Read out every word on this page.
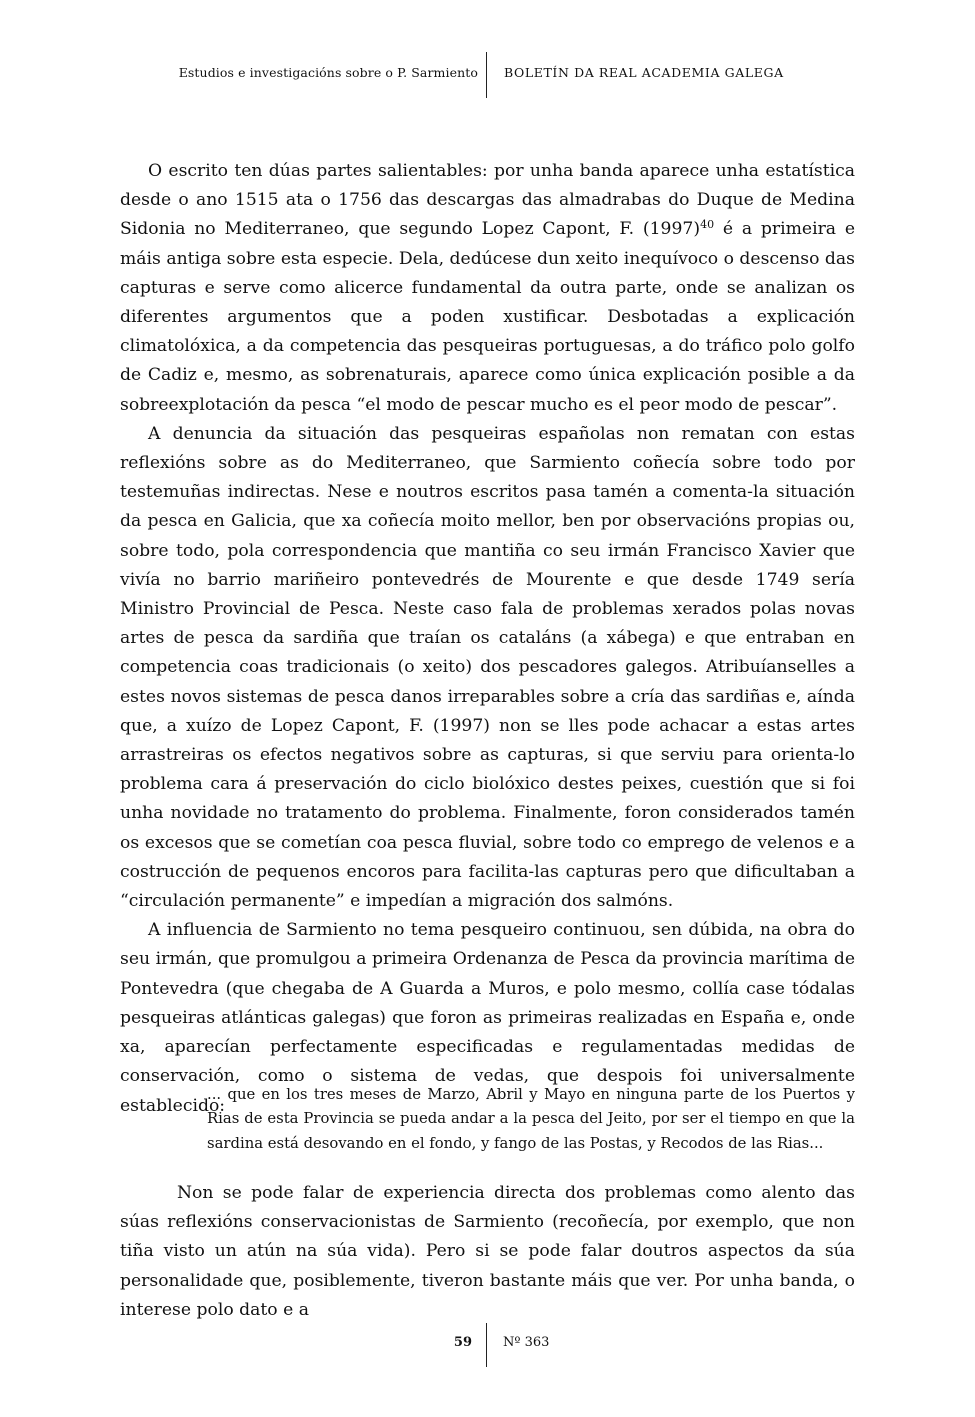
Estudios e investigacións sobre o P. Sarmiento BOLETÍN DA REAL ACADEMIA GALEGA

O escrito ten dúas partes salientables: por unha banda aparece unha estatística desde o ano 1515 ata o 1756 das descargas das almadrabas do Duque de Medina Sidonia no Mediterraneo, que segundo Lopez Capont, F. $(1997)^{40}$ é a primeira e máis antiga sobre esta especie. Dela, dedúcese dun xeito inequívoco o descenso das capturas e serve como alicerce fundamental da outra parte, onde se analizan os diferentes argumentos que a poden xustificar. Desbotadas a explicación climatolóxica, a da competencia das pesqueiras portuguesas, a do tráfico polo golfo de Cadiz e, mesmo, as sobrenaturais, aparece como única explicación posible a da sobreexplotación da pesca “el modo de pescar mucho es el peor modo de pescar”.

A denuncia da situación das pesqueiras españolas non rematan con estas reflexións sobre as do Mediterraneo, que Sarmiento coñecía sobre todo por testemuñas indirectas. Nese e noutros escritos pasa tamén a comenta-la situación da pesca en Galicia, que xa coñecía moito mellor, ben por observacións propias ou, sobre todo, pola correspondencia que mantiña co seu irmán Francisco Xavier que vivía no barrio mariñeiro pontevedrés de Mourente e que desde 1749 sería Ministro Provincial de Pesca. Neste caso fala de problemas xerados polas novas artes de pesca da sardiña que traían os cataláns (a xábega) e que entraban en competencia coas tradicionais (o xeito) dos pescadores galegos. Atribuíanselles a estes novos sistemas de pesca danos irreparables sobre a cría das sardiñas e, aínda que, a xuízo de Lopez Capont, F. (1997) non se lles pode achacar a estas artes arrastreiras os efectos negativos sobre as capturas, si que serviu para orienta-lo problema cara á preservación do ciclo biolóxico destes peixes, cuestión que si foi unha novidade no tratamento do problema. Finalmente, foron considerados tamén os excesos que se cometían coa pesca fluvial, sobre todo co emprego de velenos e a costrucción de pequenos encoros para facilita-las capturas pero que dificultaban a “circulación permanente” e impedían a migración dos salmóns.

A influencia de Sarmiento no tema pesqueiro continuou, sen dúbida, na obra do seu irmán, que promulgou a primeira Ordenanza de Pesca da provincia marítima de Pontevedra (que chegaba de A Guarda a Muros, e polo mesmo, collía case tódalas pesqueiras atlánticas galegas) que foron as primeiras realizadas en España e, onde xa, aparecían perfectamente especificadas e regulamentadas medidas de conservación, como o sistema de vedas, que despois foi universalmente establecido:

... que en los tres meses de Marzo, Abril y Mayo en ninguna parte de los Puertos y Rias de esta Provincia se pueda andar a la pesca del Jeito, por ser el tiempo en que la sardina está desovando en el fondo, y fango de las Postas, y Recodos de las Rias...

Non se pode falar de experiencia directa dos problemas como alento das súas reflexións conservacionistas de Sarmiento (recoñecía, por exemplo, que non tiña visto un atún na súa vida). Pero si se pode falar doutros aspectos da súa personalidade que, posiblemente, tiveron bastante máis que ver. Por unha banda, o interese polo dato e a

59 Nº 363
